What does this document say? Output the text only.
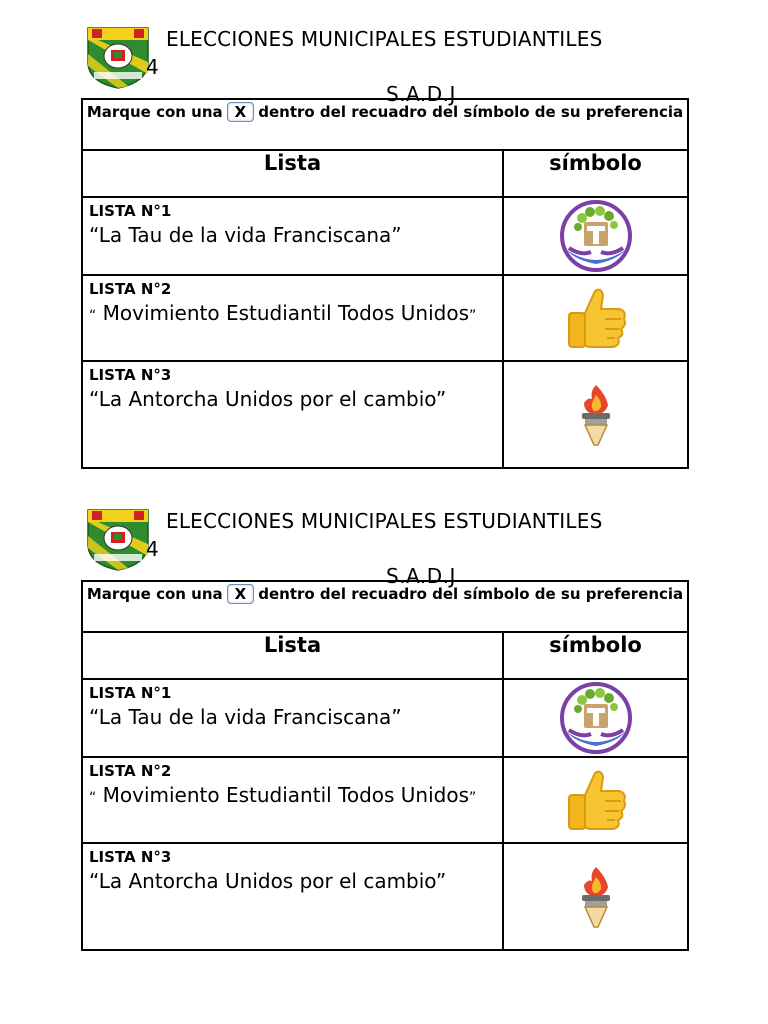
ELECCIONES MUNICIPALES ESTUDIANTILES
4
S.A.D.J
Marque con una X dentro del recuadro del símbolo de su preferencia	

Lista	símbolo

LISTA N°1
“La Tau de la vida Franciscana”

LISTA N°2
“ Movimiento Estudiantil Todos Unidos”

LISTA N°3
“La Antorcha Unidos por el cambio”

ELECCIONES MUNICIPALES ESTUDIANTILES
4
S.A.D.J
Marque con una X dentro del recuadro del símbolo de su preferencia	

Lista	símbolo

LISTA N°1
“La Tau de la vida Franciscana”

LISTA N°2
“ Movimiento Estudiantil Todos Unidos”

LISTA N°3
“La Antorcha Unidos por el cambio”
